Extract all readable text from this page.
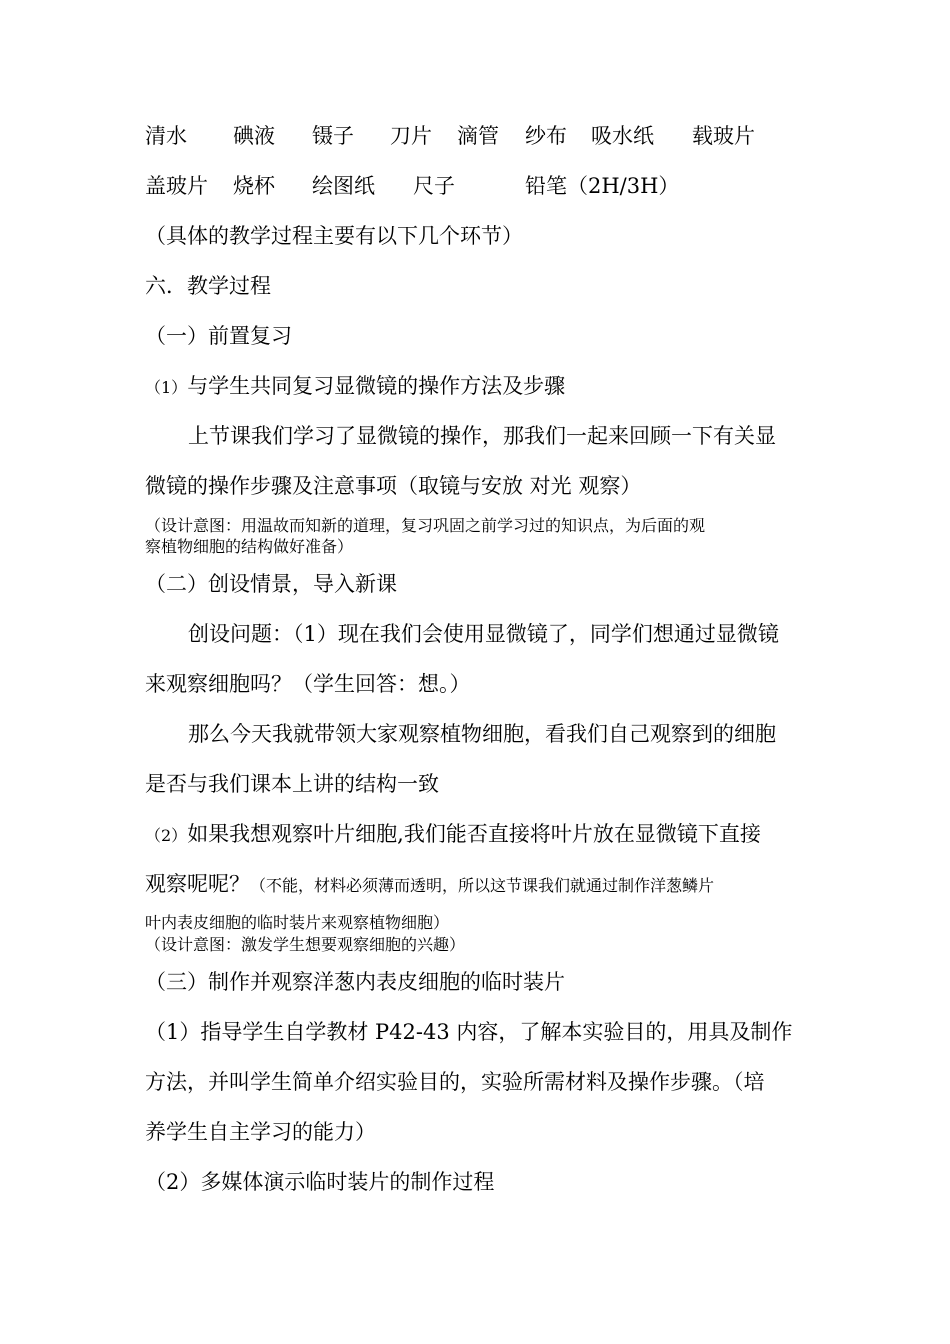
清水 碘液 镊子 刀片 滴管 纱布 吸水纸 载玻片
盖玻片 烧杯 绘图纸 尺子	铅笔（2H/3H）
（具体的教学过程主要有以下几个环节）
六．教学过程
（一）前置复习
（1）与学生共同复习显微镜的操作方法及步骤
上节课我们学习了显微镜的操作，那我们一起来回顾一下有关显
微镜的操作步骤及注意事项（取镜与安放 对光 观察）
（设计意图：用温故而知新的道理，复习巩固之前学习过的知识点，为后面的观
察植物细胞的结构做好准备）
（二）创设情景，导入新课
创设问题：（1）现在我们会使用显微镜了，同学们想通过显微镜
来观察细胞吗？（学生回答：想。）
那么今天我就带领大家观察植物细胞，看我们自己观察到的细胞
是否与我们课本上讲的结构一致
（2）如果我想观察叶片细胞,我们能否直接将叶片放在显微镜下直接
观察呢呢？（不能，材料必须薄而透明，所以这节课我们就通过制作洋葱鳞片
叶内表皮细胞的临时装片来观察植物细胞）
（设计意图：激发学生想要观察细胞的兴趣）
（三）制作并观察洋葱内表皮细胞的临时装片
（1）指导学生自学教材 P42-43 内容，了解本实验目的，用具及制作
方法，并叫学生简单介绍实验目的，实验所需材料及操作步骤。（培
养学生自主学习的能力）
（2）多媒体演示临时装片的制作过程
